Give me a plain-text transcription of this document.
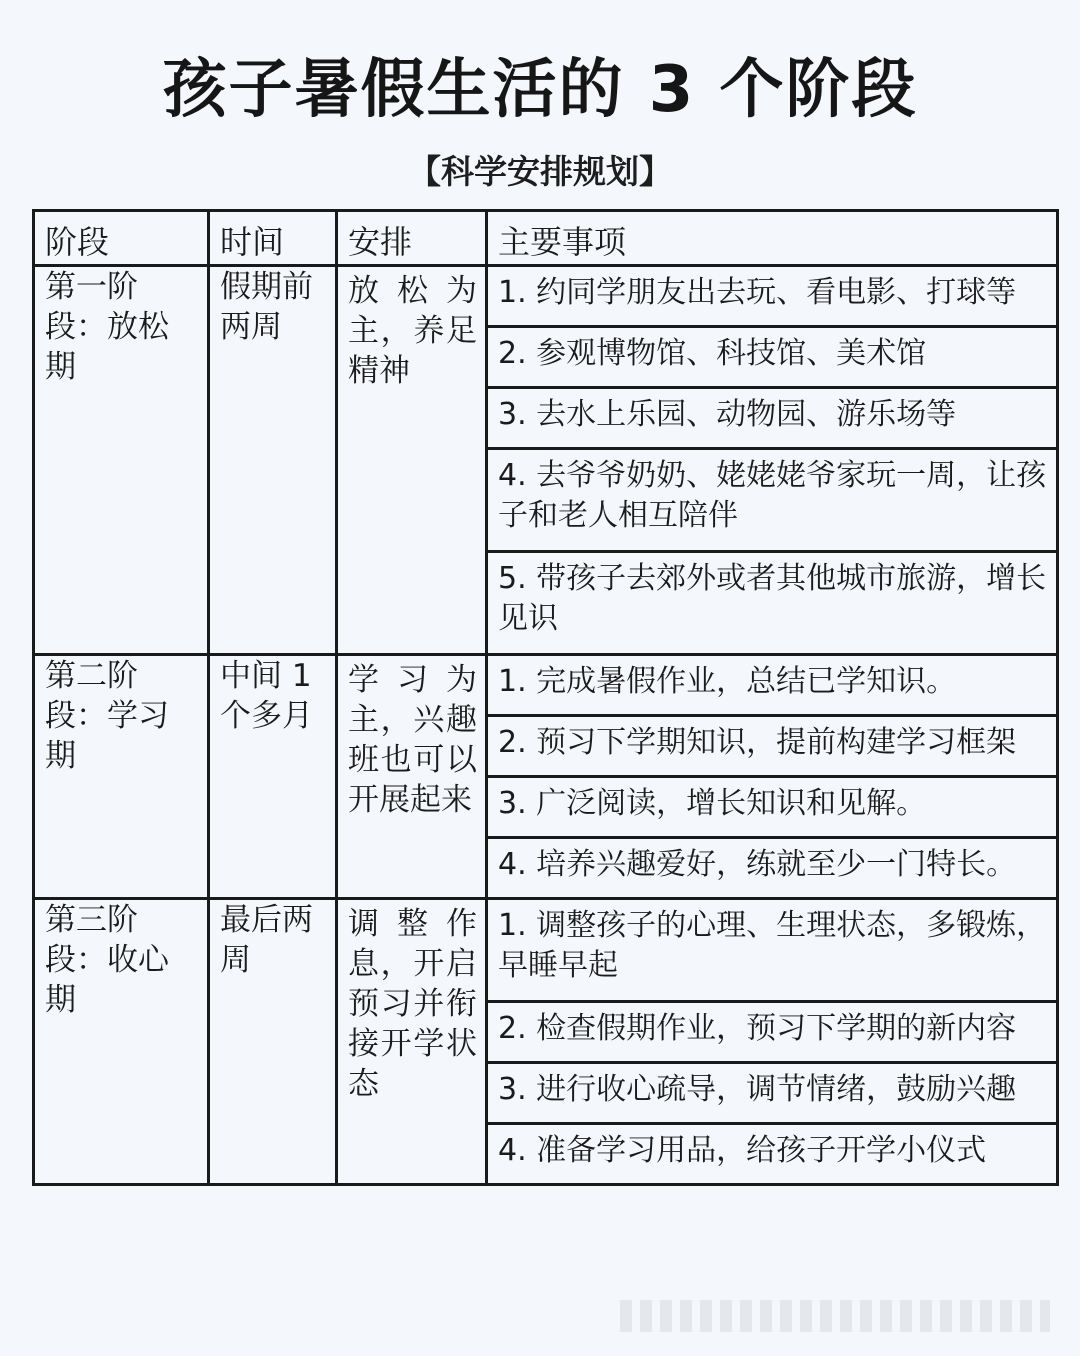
孩子暑假生活的 3 个阶段
【科学安排规划】
阶段	时间	安排	主要事项
第一阶段：放松期	假期前两周	放松为主，养足精神	1. 约同学朋友出去玩、看电影、打球等
			2. 参观博物馆、科技馆、美术馆
			3. 去水上乐园、动物园、游乐场等
			4. 去爷爷奶奶、姥姥姥爷家玩一周，让孩子和老人相互陪伴
			5. 带孩子去郊外或者其他城市旅游，增长见识
第二阶段：学习期	中间 1 个多月	学习为主，兴趣班也可以开展起来	1. 完成暑假作业，总结已学知识。
			2. 预习下学期知识，提前构建学习框架
			3. 广泛阅读，增长知识和见解。
			4. 培养兴趣爱好，练就至少一门特长。
第三阶段：收心期	最后两周	调整作息，开启预习并衔接开学状态	1. 调整孩子的心理、生理状态，多锻炼，早睡早起
			2. 检查假期作业，预习下学期的新内容
			3. 进行收心疏导，调节情绪，鼓励兴趣
			4. 准备学习用品，给孩子开学小仪式
